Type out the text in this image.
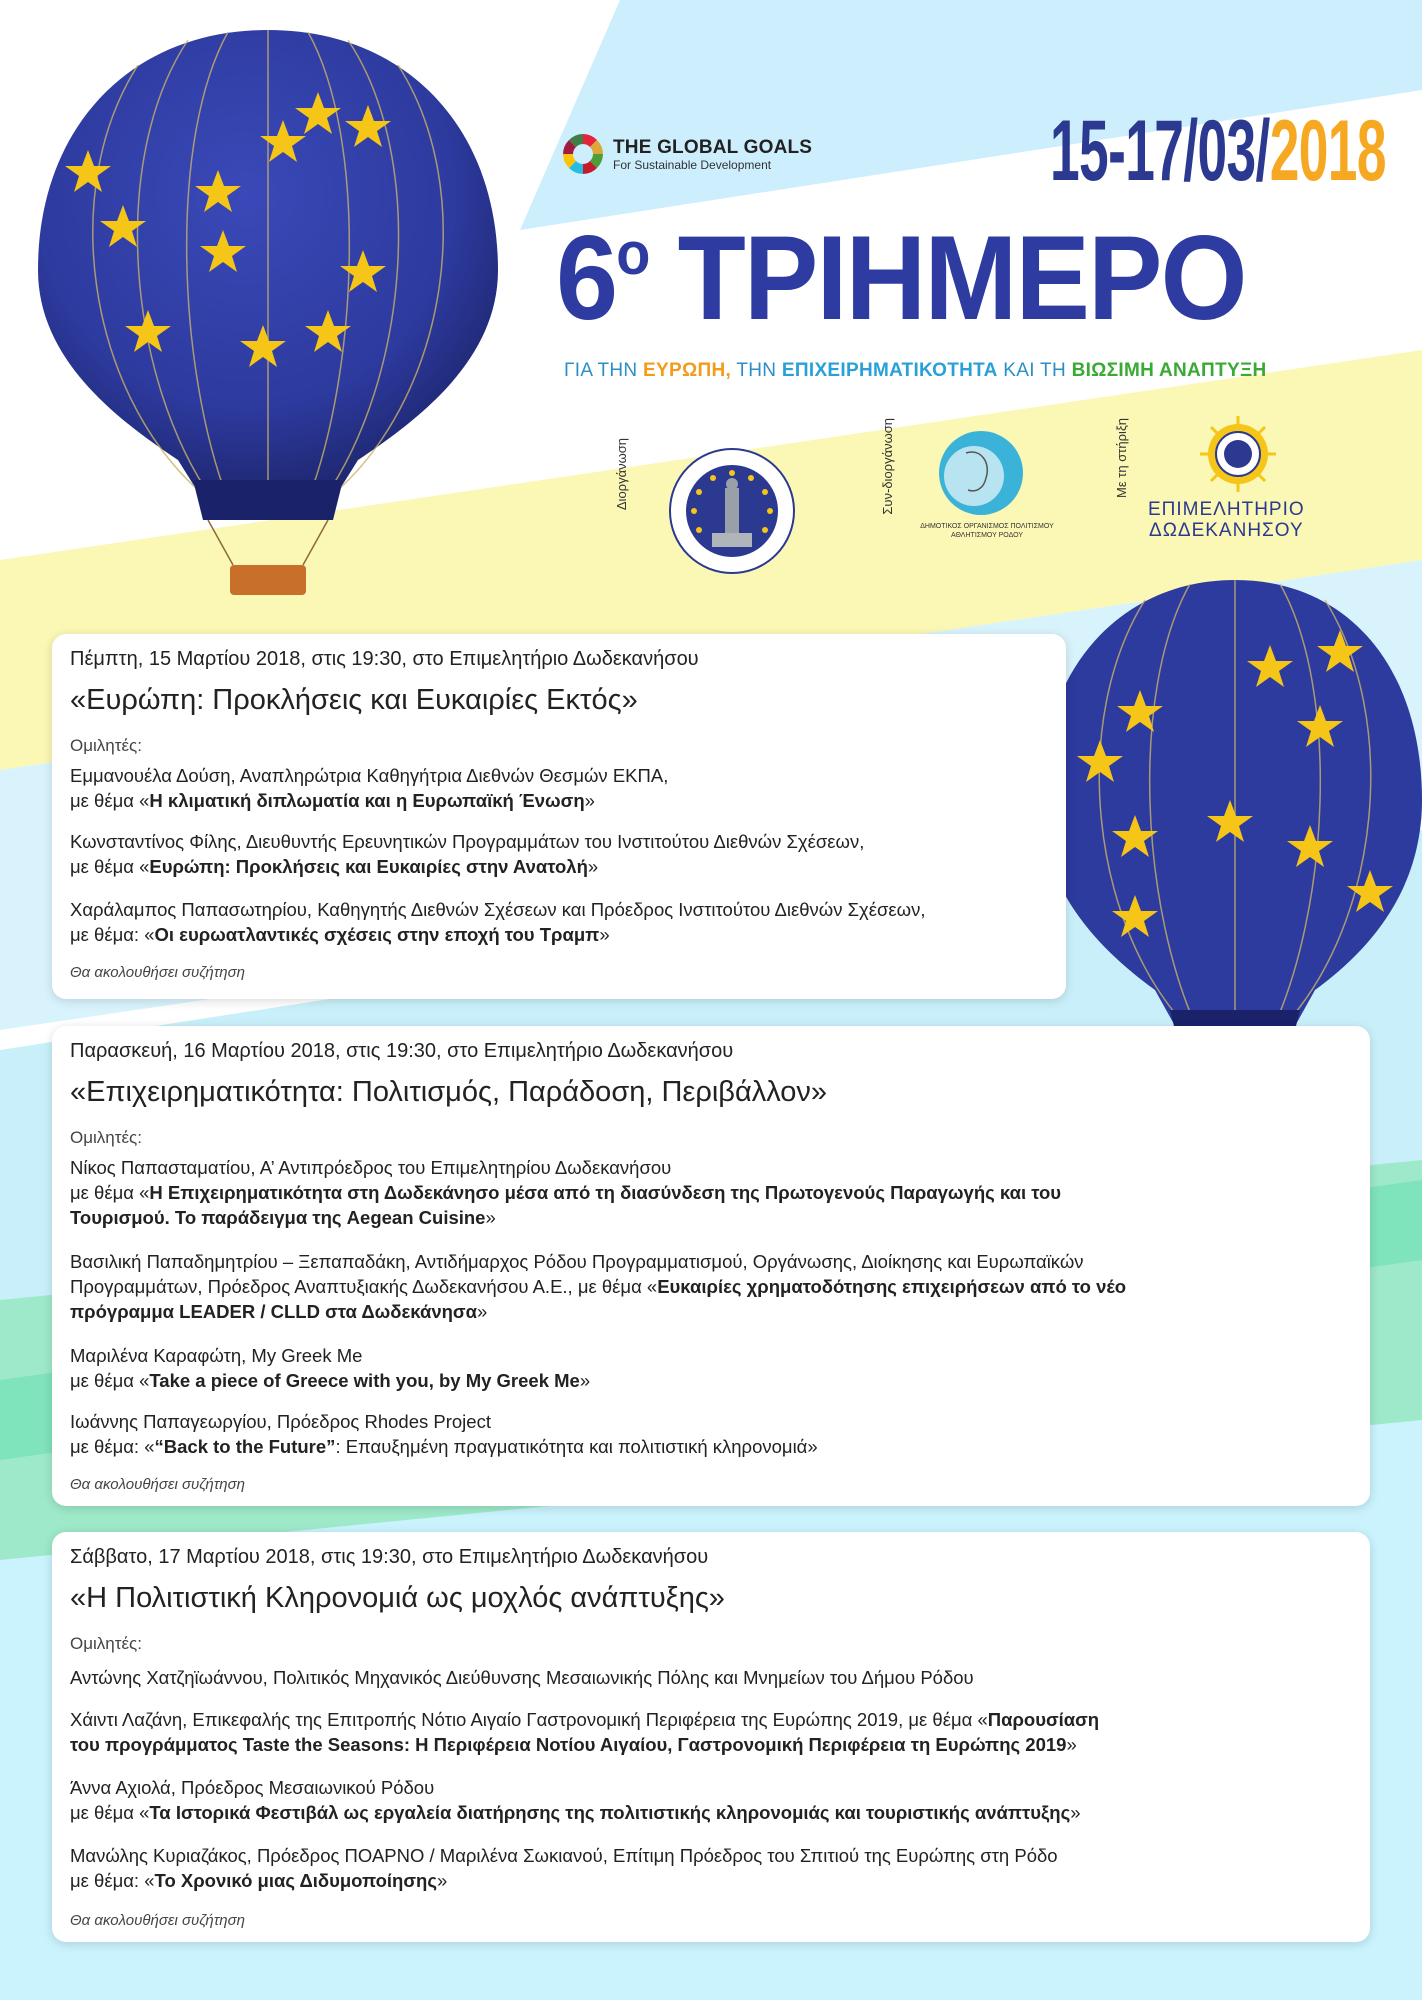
THE GLOBAL GOALS
For Sustainable Development	15-17/03/2018
$6^o$ ΤΡΙΗΜΕΡΟ
ΓΙΑ ΤΗΝ ΕΥΡΩΠΗ, ΤΗΝ ΕΠΙΧΕΙΡΗΜΑΤΙΚΟΤΗΤΑ ΚΑΙ ΤΗ ΒΙΩΣΙΜΗ ΑΝΑΠΤΥΞΗ
Διοργάνωση	Συν-διοργάνωση
ΔΗΜΟΤΙΚΟΣ ΟΡΓΑΝΙΣΜΟΣ ΠΟΛΙΤΙΣΜΟΥ
ΑΘΛΗΤΙΣΜΟΥ ΡΟΔΟΥ
Με τη στήριξη
ΕΠΙΜΕΛΗΤΗΡΙΟ
ΔΩΔΕΚΑΝΗΣΟΥ
Πέμπτη, 15 Μαρτίου 2018, στις 19:30, στο Επιμελητήριο Δωδεκανήσου
«Ευρώπη: Προκλήσεις και Ευκαιρίες Εκτός»
Ομιλητές:
Εμμανουέλα Δούση, Αναπληρώτρια Καθηγήτρια Διεθνών Θεσμών ΕΚΠΑ,
με θέμα «Η κλιματική διπλωματία και η Ευρωπαϊκή Ένωση»
Κωνσταντίνος Φίλης, Διευθυντής Ερευνητικών Προγραμμάτων του Ινστιτούτου Διεθνών Σχέσεων,
με θέμα «Ευρώπη: Προκλήσεις και Ευκαιρίες στην Ανατολή»
Χαράλαμπος Παπασωτηρίου, Καθηγητής Διεθνών Σχέσεων και Πρόεδρος Ινστιτούτου Διεθνών Σχέσεων,
με θέμα: «Οι ευρωατλαντικές σχέσεις στην εποχή του Τραμπ»
Θα ακολουθήσει συζήτηση
Παρασκευή, 16 Μαρτίου 2018, στις 19:30, στο Επιμελητήριο Δωδεκανήσου
«Επιχειρηματικότητα: Πολιτισμός, Παράδοση, Περιβάλλον»
Ομιλητές:
Νίκος Παπασταματίου, Α’ Αντιπρόεδρος του Επιμελητηρίου Δωδεκανήσου
με θέμα «Η Επιχειρηματικότητα στη Δωδεκάνησο μέσα από τη διασύνδεση της Πρωτογενούς Παραγωγής και του
Τουρισμού. Το παράδειγμα της Aegean Cuisine»
Βασιλική Παπαδημητρίου – Ξεπαπαδάκη, Αντιδήμαρχος Ρόδου Προγραμματισμού, Οργάνωσης, Διοίκησης και Ευρωπαϊκών
Προγραμμάτων, Πρόεδρος Αναπτυξιακής Δωδεκανήσου Α.Ε., με θέμα «Ευκαιρίες χρηματοδότησης επιχειρήσεων από το νέο
πρόγραμμα LEADER / CLLD στα Δωδεκάνησα»
Μαριλένα Καραφώτη, My Greek Me
με θέμα «Take a piece of Greece with you, by My Greek Me»
Ιωάννης Παπαγεωργίου, Πρόεδρος Rhodes Project
με θέμα: «“Back to the Future”: Επαυξημένη πραγματικότητα και πολιτιστική κληρονομιά»
Θα ακολουθήσει συζήτηση
Σάββατο, 17 Μαρτίου 2018, στις 19:30, στο Επιμελητήριο Δωδεκανήσου
«Η Πολιτιστική Κληρονομιά ως μοχλός ανάπτυξης»
Ομιλητές:
Αντώνης Χατζηϊωάννου, Πολιτικός Μηχανικός Διεύθυνσης Μεσαιωνικής Πόλης και Μνημείων του Δήμου Ρόδου
Χάιντι Λαζάνη, Επικεφαλής της Επιτροπής Νότιο Αιγαίο Γαστρονομική Περιφέρεια της Ευρώπης 2019, με θέμα «Παρουσίαση
του προγράμματος Taste the Seasons: Η Περιφέρεια Νοτίου Αιγαίου, Γαστρονομική Περιφέρεια τη Ευρώπης 2019»
Άννα Αχιολά, Πρόεδρος Μεσαιωνικού Ρόδου
με θέμα «Τα Ιστορικά Φεστιβάλ ως εργαλεία διατήρησης της πολιτιστικής κληρονομιάς και τουριστικής ανάπτυξης»
Μανώλης Κυριαζάκος, Πρόεδρος ΠΟΑΡΝΟ / Μαριλένα Σωκιανού, Επίτιμη Πρόεδρος του Σπιτιού της Ευρώπης στη Ρόδο
με θέμα: «Το Χρονικό μιας Διδυμοποίησης»
Θα ακολουθήσει συζήτηση
